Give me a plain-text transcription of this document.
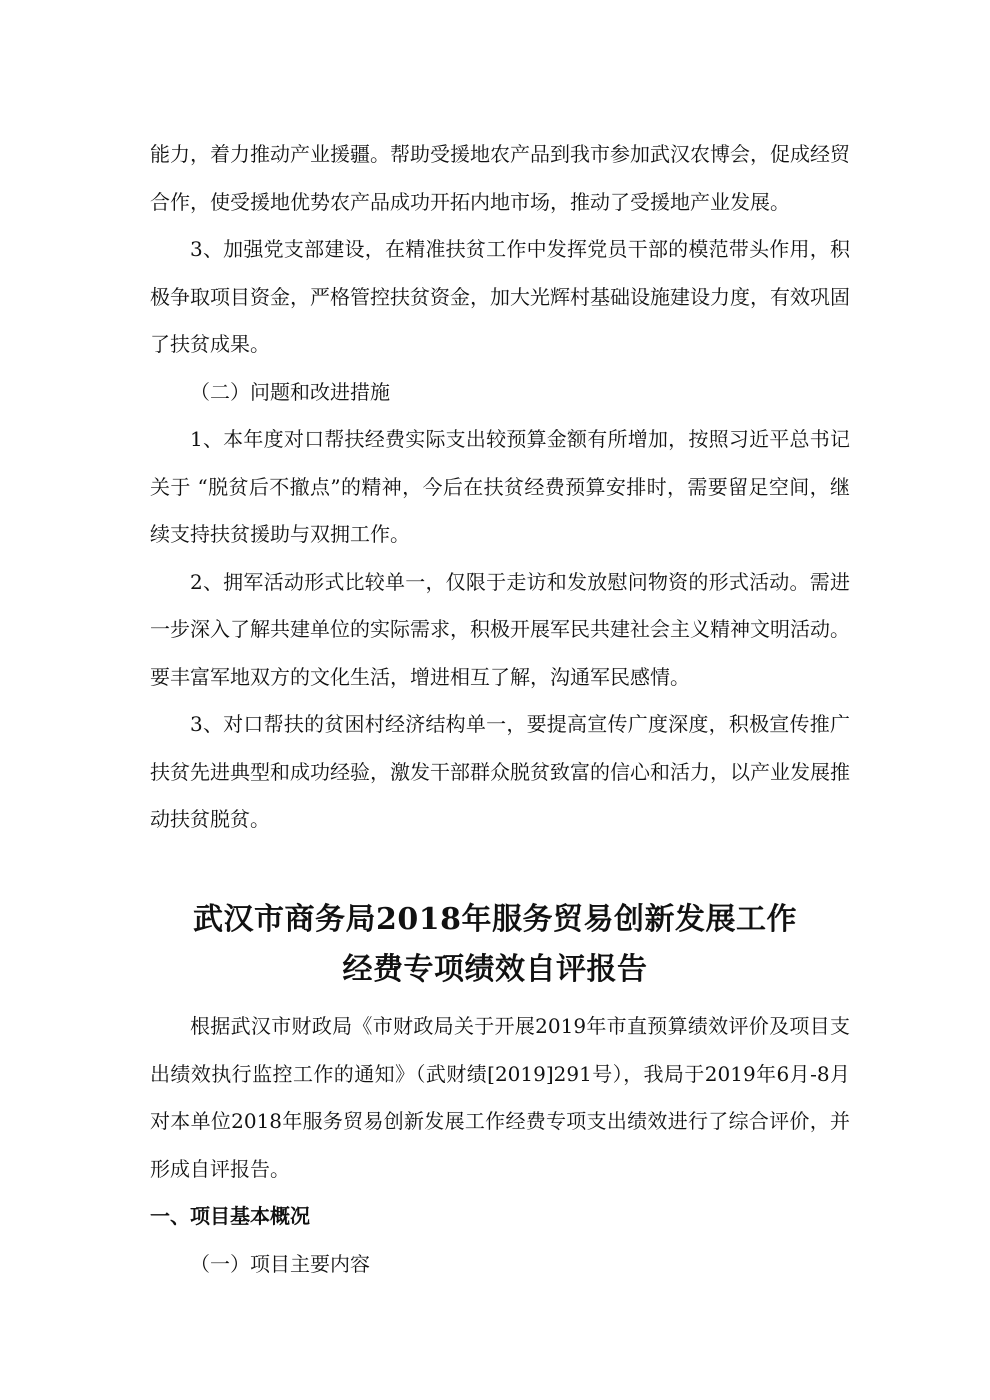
能力，着力推动产业援疆。帮助受援地农产品到我市参加武汉农博会，促成经贸合作，使受援地优势农产品成功开拓内地市场，推动了受援地产业发展。

3、加强党支部建设，在精准扶贫工作中发挥党员干部的模范带头作用，积极争取项目资金，严格管控扶贫资金，加大光辉村基础设施建设力度，有效巩固了扶贫成果。

（二）问题和改进措施

1、本年度对口帮扶经费实际支出较预算金额有所增加，按照习近平总书记关于 “脱贫后不撤点”的精神，今后在扶贫经费预算安排时，需要留足空间，继续支持扶贫援助与双拥工作。

2、拥军活动形式比较单一，仅限于走访和发放慰问物资的形式活动。需进一步深入了解共建单位的实际需求，积极开展军民共建社会主义精神文明活动。要丰富军地双方的文化生活，增进相互了解，沟通军民感情。

3、对口帮扶的贫困村经济结构单一，要提高宣传广度深度，积极宣传推广扶贫先进典型和成功经验，激发干部群众脱贫致富的信心和活力，以产业发展推动扶贫脱贫。

武汉市商务局2018年服务贸易创新发展工作
经费专项绩效自评报告

根据武汉市财政局《市财政局关于开展2019年市直预算绩效评价及项目支出绩效执行监控工作的通知》（武财绩[2019]291号），我局于2019年6月-8月对本单位2018年服务贸易创新发展工作经费专项支出绩效进行了综合评价，并形成自评报告。

一、项目基本概况

（一）项目主要内容
